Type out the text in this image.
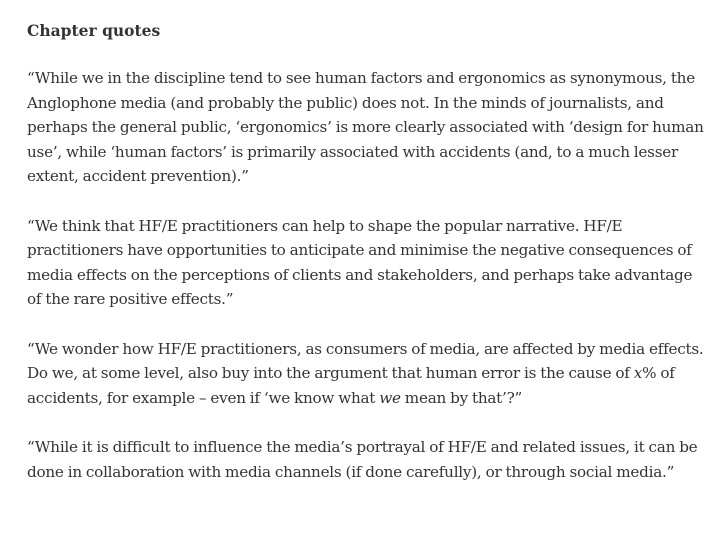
Chapter quotes

“While we in the discipline tend to see human factors and ergonomics as synonymous, the Anglophone media (and probably the public) does not. In the minds of journalists, and perhaps the general public, ‘ergonomics’ is more clearly associated with ‘design for human use’, while ‘human factors’ is primarily associated with accidents (and, to a much lesser extent, accident prevention).”

“We think that HF/E practitioners can help to shape the popular narrative. HF/E practitioners have opportunities to anticipate and minimise the negative consequences of media effects on the perceptions of clients and stakeholders, and perhaps take advantage of the rare positive effects.”

“We wonder how HF/E practitioners, as consumers of media, are affected by media effects. Do we, at some level, also buy into the argument that human error is the cause of x% of accidents, for example – even if ‘we know what we mean by that’?”

“While it is difficult to influence the media’s portrayal of HF/E and related issues, it can be done in collaboration with media channels (if done carefully), or through social media.”
